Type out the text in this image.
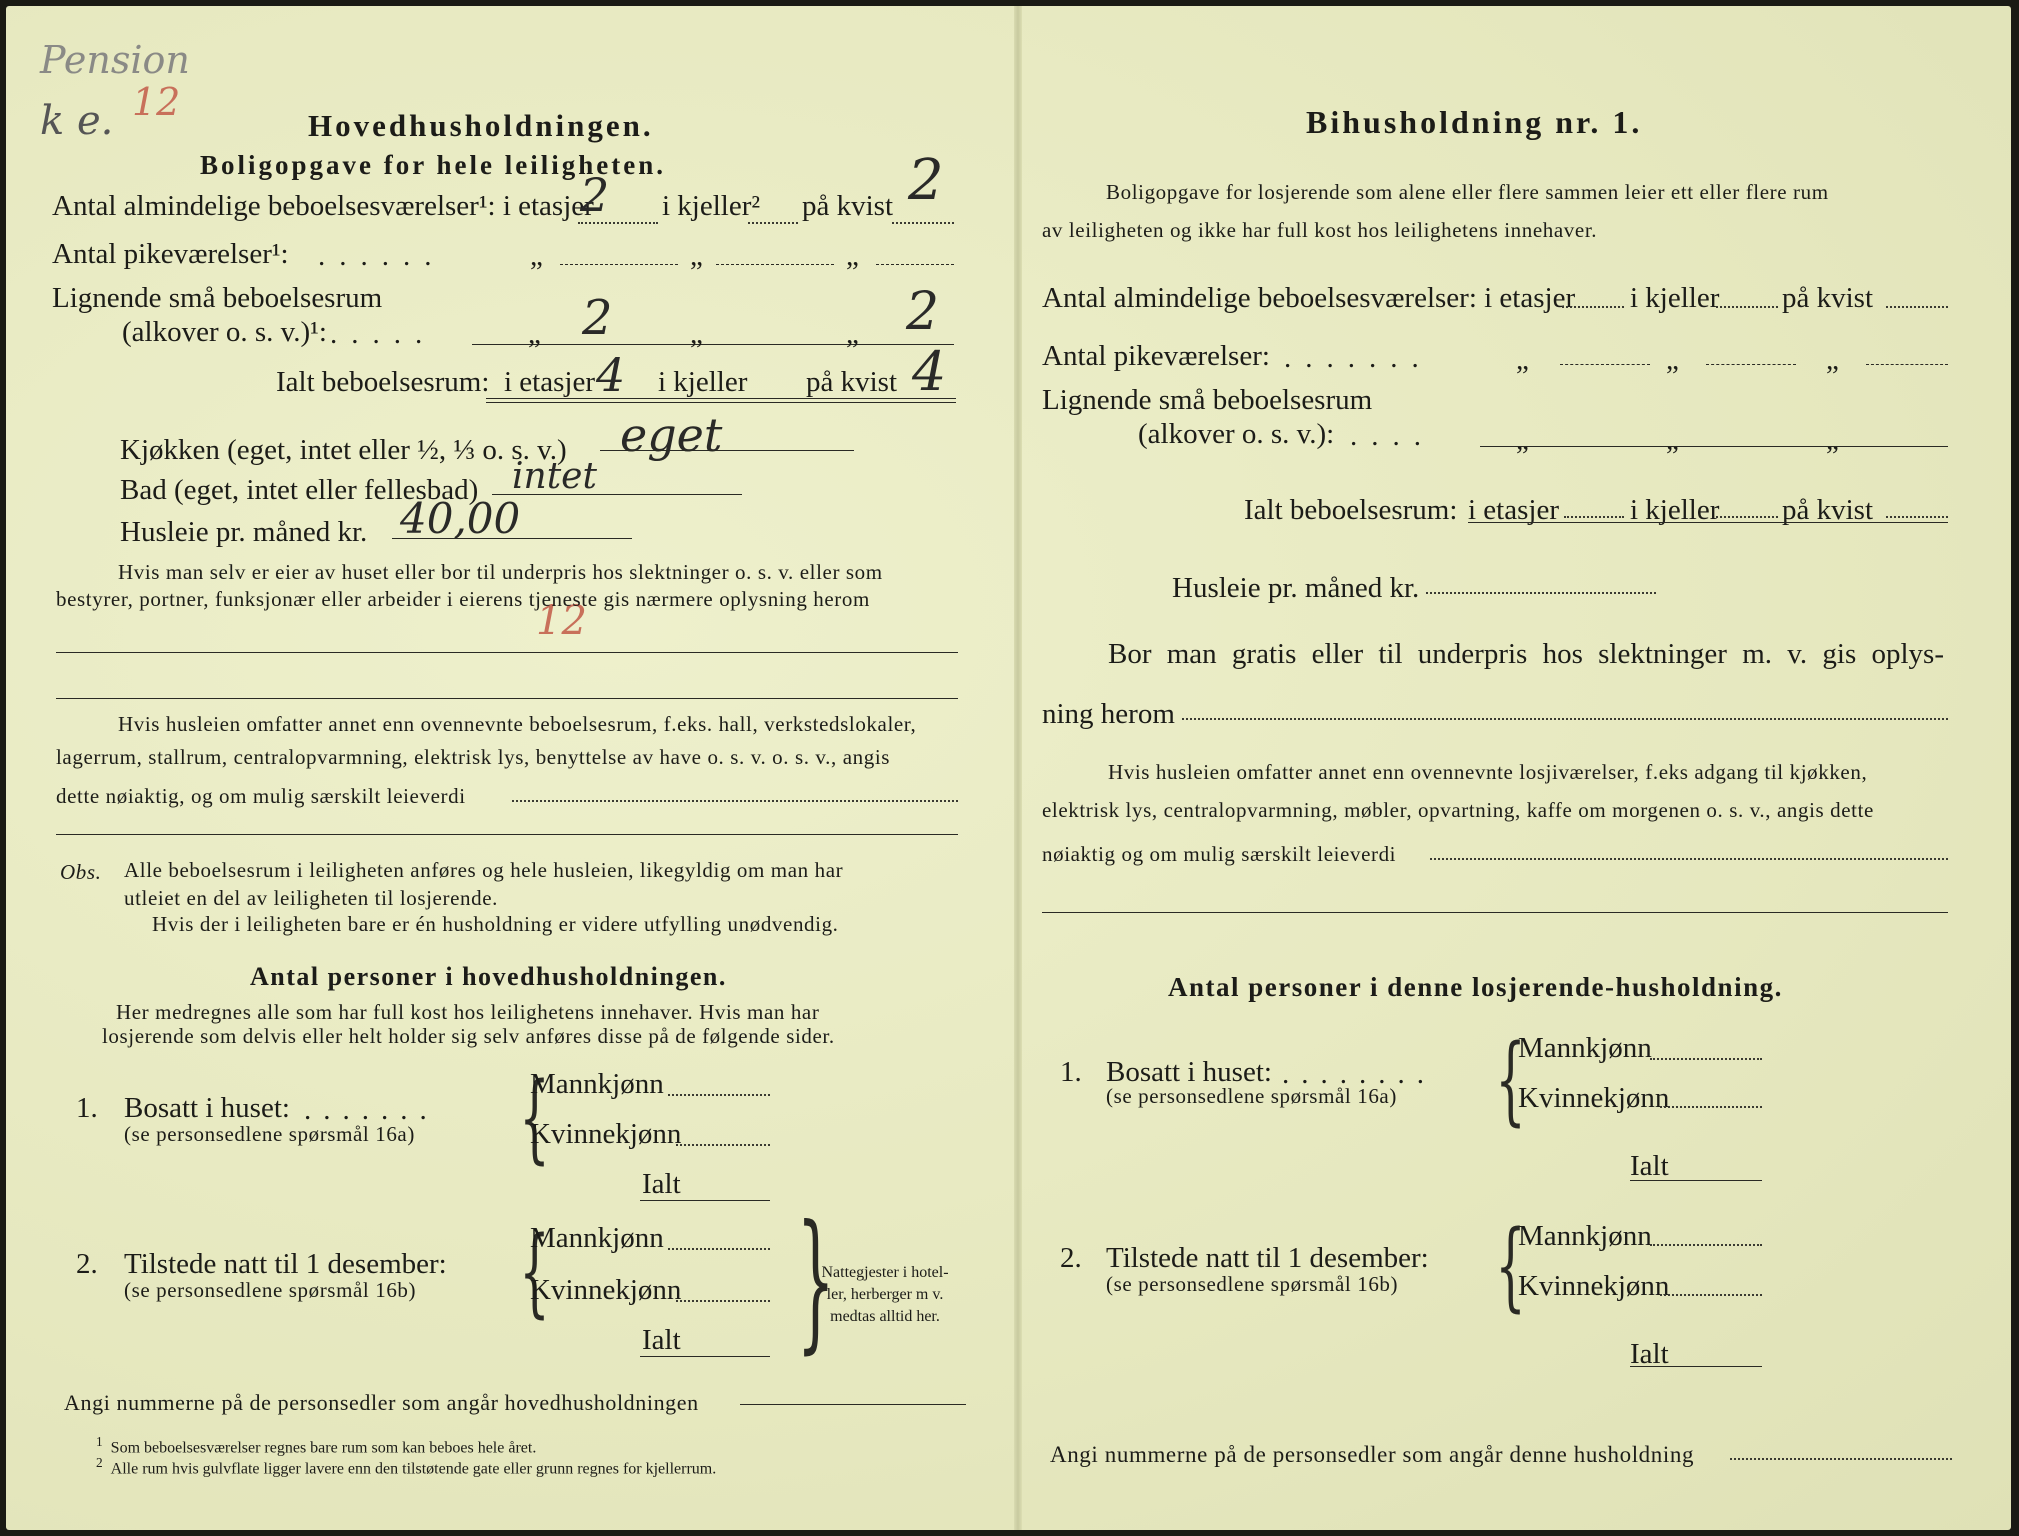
Pension
k e. 12
Hovedhusholdningen.
Boligopgave for hele leiligheten.
Antal almindelige beboelsesværelser¹: i etasjer
2 i kjeller² på kvist 2
Antal pikeværelser¹: ......	„	„	„
Lignende små beboelsesrum
(alkover o. s. v.)¹: .....	„ 2	„	„ 2
Ialt beboelsesrum: i etasjer 4 i kjeller på kvist 4
Kjøkken (eget, intet eller ½, ⅓ o. s. v.) eget
Bad (eget, intet eller fellesbad) intet
Husleie pr. måned kr. 40,00
12
Hvis man selv er eier av huset eller bor til underpris hos slektninger o. s. v. eller som
bestyrer, portner, funksjonær eller arbeider i eierens tjeneste gis nærmere oplysning herom
Hvis husleien omfatter annet enn ovennevnte beboelsesrum, f.eks. hall, verkstedslokaler,
lagerrum, stallrum, centralopvarmning, elektrisk lys, benyttelse av have o. s. v. o. s. v., angis
dette nøiaktig, og om mulig særskilt leieverdi
Obs. Alle beboelsesrum i leiligheten anføres og hele husleien, likegyldig om man har
utleiet en del av leiligheten til losjerende.
Hvis der i leiligheten bare er én husholdning er videre utfylling unødvendig.
Antal personer i hovedhusholdningen.
Her medregnes alle som har full kost hos leilighetens innehaver. Hvis man har
losjerende som delvis eller helt holder sig selv anføres disse på de følgende sider.
1. Bosatt i huset: .......
(se personsedlene spørsmål 16a) {
Mannkjønn
Kvinnekjønn
Ialt
2. Tilstede natt til 1 desember:
(se personsedlene spørsmål 16b) {
Mannkjønn
Kvinnekjønn
Ialt }
Nattegjester i hotel-
ler, herberger m v.
medtas alltid her.
Angi nummerne på de personsedler som angår hovedhusholdningen
$^1$ Som beboelsesværelser regnes bare rum som kan beboes hele året.
$^2$ Alle rum hvis gulvflate ligger lavere enn den tilstøtende gate eller grunn regnes for kjellerrum.
Bihusholdning nr. 1.
Boligopgave for losjerende som alene eller flere sammen leier ett eller flere rum
av leiligheten og ikke har full kost hos leilighetens innehaver.
Antal almindelige beboelsesværelser: i etasjer i kjeller på kvist
Antal pikeværelser: .......	„	„	„
Lignende små beboelsesrum
(alkover o. s. v.): ....	„	„	„
Ialt beboelsesrum: i etasjer i kjeller på kvist
Husleie pr. måned kr.
Bor man gratis eller til underpris hos slektninger m. v. gis oplys-
ning herom
Hvis husleien omfatter annet enn ovennevnte losjiværelser, f.eks adgang til kjøkken,
elektrisk lys, centralopvarmning, møbler, opvartning, kaffe om morgenen o. s. v., angis dette
nøiaktig og om mulig særskilt leieverdi
Antal personer i denne losjerende-husholdning.
1. Bosatt i huset: ........
(se personsedlene spørsmål 16a) {
Mannkjønn
Kvinnekjønn
Ialt
2. Tilstede natt til 1 desember:
(se personsedlene spørsmål 16b) {
Mannkjønn
Kvinnekjønn
Ialt
Angi nummerne på de personsedler som angår denne husholdning
